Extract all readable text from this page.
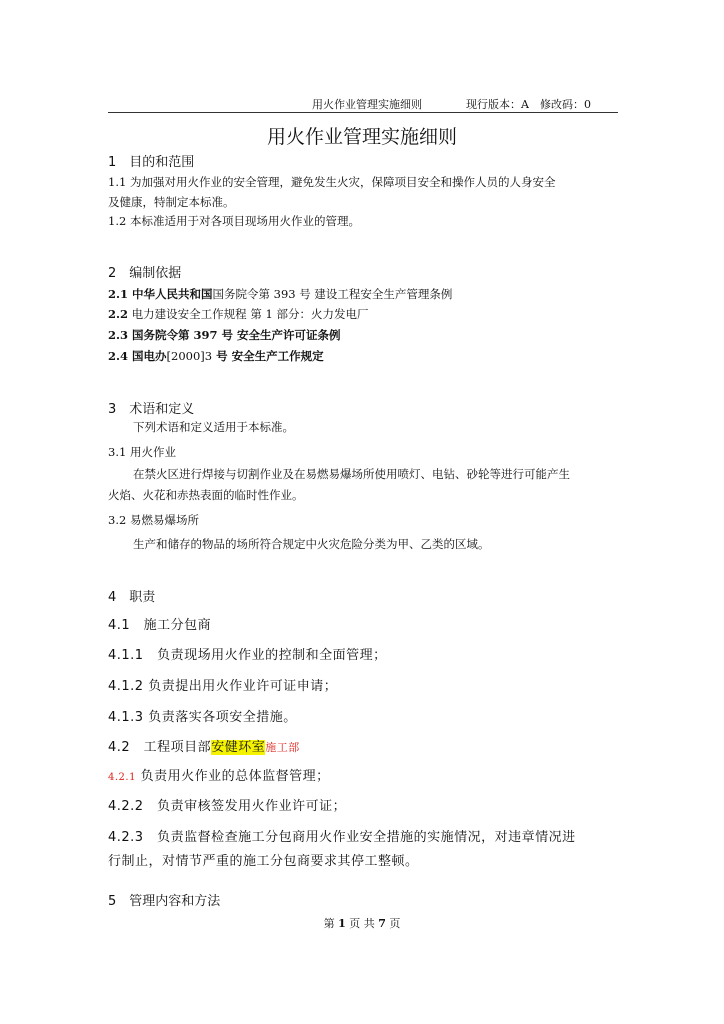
用火作业管理实施细则	现行版本：A　修改码：0
用火作业管理实施细则
1　目的和范围
1.1 为加强对用火作业的安全管理，避免发生火灾，保障项目安全和操作人员的人身安全
及健康，特制定本标准。
1.2 本标准适用于对各项目现场用火作业的管理。
2　编制依据
2.1 中华人民共和国国务院令第 393 号 建设工程安全生产管理条例
2.2 电力建设安全工作规程 第 1 部分：火力发电厂
2.3 国务院令第 397 号 安全生产许可证条例
2.4 国电办[2000]3 号 安全生产工作规定
3　术语和定义
下列术语和定义适用于本标准。
3.1 用火作业
在禁火区进行焊接与切割作业及在易燃易爆场所使用喷灯、电钻、砂轮等进行可能产生
火焰、火花和赤热表面的临时性作业。
3.2 易燃易爆场所
生产和储存的物品的场所符合规定中火灾危险分类为甲、乙类的区域。
4　职责
4.1　施工分包商
4.1.1　负责现场用火作业的控制和全面管理；
4.1.2 负责提出用火作业许可证申请；
4.1.3 负责落实各项安全措施。
4.2　工程项目部安健环室施工部
4.2.1 负责用火作业的总体监督管理；
4.2.2　负责审核签发用火作业许可证；
4.2.3　负责监督检查施工分包商用火作业安全措施的实施情况，对违章情况进
行制止，对情节严重的施工分包商要求其停工整顿。
5　管理内容和方法
第 1 页 共 7 页
